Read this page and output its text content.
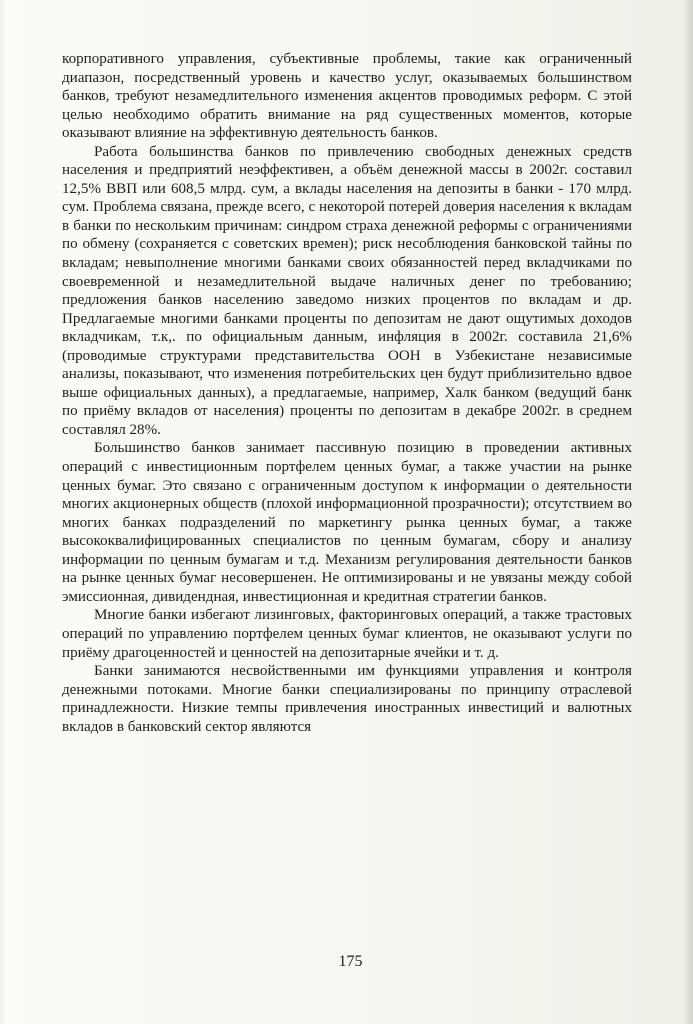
корпоративного управления, субъективные проблемы, такие как ограниченный диапазон, посредственный уровень и качество услуг, оказываемых большинством банков, требуют незамедлительного изменения акцентов проводимых реформ. С этой целью необходимо обратить внимание на ряд существенных моментов, которые оказывают влияние на эффективную деятельность банков.

Работа большинства банков по привлечению свободных денежных средств населения и предприятий неэффективен, а объём денежной массы в 2002г. составил 12,5% ВВП или 608,5 млрд. сум, а вклады населения на депозиты в банки - 170 млрд. сум. Проблема связана, прежде всего, с некоторой потерей доверия населения к вкладам в банки по нескольким причинам: синдром страха денежной реформы с ограничениями по обмену (сохраняется с советских времен); риск несоблюдения банковской тайны по вкладам; невыполнение многими банками своих обязанностей перед вкладчиками по своевременной и незамедлительной выдаче наличных денег по требованию; предложения банков населению заведомо низких процентов по вкладам и др. Предлагаемые многими банками проценты по депозитам не дают ощутимых доходов вкладчикам, т.к,. по официальным данным, инфляция в 2002г. составила 21,6% (проводимые структурами представительства ООН в Узбекистане независимые анализы, показывают, что изменения потребительских цен будут приблизительно вдвое выше официальных данных), а предлагаемые, например, Халк банком (ведущий банк по приёму вкладов от населения) проценты по депозитам в декабре 2002г. в среднем составлял 28%.

Большинство банков занимает пассивную позицию в проведении активных операций с инвестиционным портфелем ценных бумаг, а также участии на рынке ценных бумаг. Это связано с ограниченным доступом к информации о деятельности многих акционерных обществ (плохой информационной прозрачности); отсутствием во многих банках подразделений по маркетингу рынка ценных бумаг, а также высококвалифицированных специалистов по ценным бумагам, сбору и анализу информации по ценным бумагам и т.д. Механизм регулирования деятельности банков на рынке ценных бумаг несовершенен. Не оптимизированы и не увязаны между собой эмиссионная, дивидендная, инвестиционная и кредитная стратегии банков.

Многие банки избегают лизинговых, факторинговых операций, а также трастовых операций по управлению портфелем ценных бумаг клиентов, не оказывают услуги по приёму драгоценностей и ценностей на депозитарные ячейки и т. д.

Банки занимаются несвойственными им функциями управления и контроля денежными потоками. Многие банки специализированы по принципу отраслевой принадлежности. Низкие темпы привлечения иностранных инвестиций и валютных вкладов в банковский сектор являются

175
